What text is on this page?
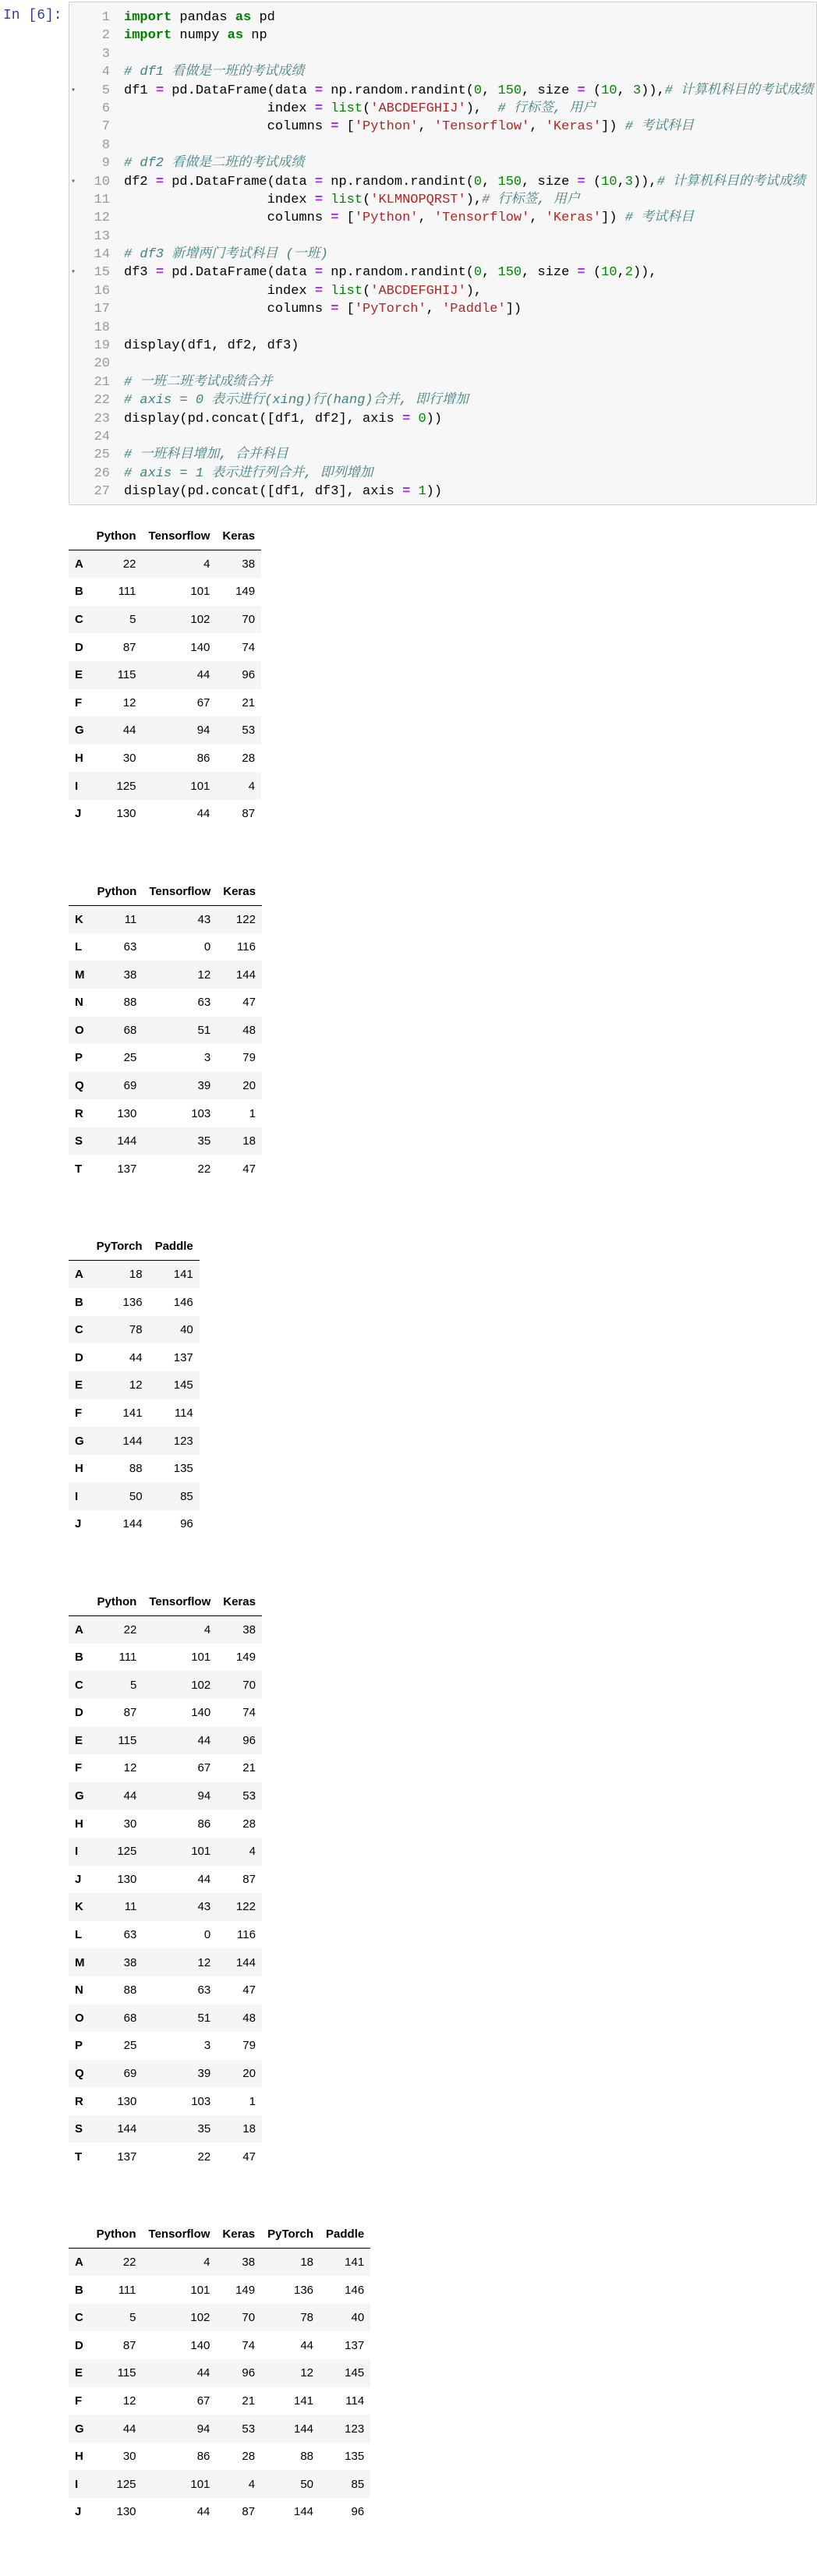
In [6]:	1
2
3
4
▾ 5
6
7
8
9
▾ 10
11
12
13
14
▾ 15
16
17
18
19
20
21
22
23
24
25
26
27
import pandas as pd
import numpy as np

# df1 看做是一班的考试成绩
df1 = pd.DataFrame(data = np.random.randint(0, 150, size = (10, 3)),# 计算机科目的考试成绩
index = list('ABCDEFGHIJ'),  # 行标签, 用户
columns = ['Python', 'Tensorflow', 'Keras']) # 考试科目

# df2 看做是二班的考试成绩
df2 = pd.DataFrame(data = np.random.randint(0, 150, size = (10,3)),# 计算机科目的考试成绩
index = list('KLMNOPQRST'),# 行标签, 用户
columns = ['Python', 'Tensorflow', 'Keras']) # 考试科目

# df3 新增两门考试科目 (一班)
df3 = pd.DataFrame(data = np.random.randint(0, 150, size = (10,2)),
index = list('ABCDEFGHIJ'),
columns = ['PyTorch', 'Paddle'])

display(df1, df2, df3)

# 一班二班考试成绩合并
# axis = 0 表示进行(xing)行(hang)合并, 即行增加
display(pd.concat([df1, df2], axis = 0))

# 一班科目增加, 合并科目
# axis = 1 表示进行列合并, 即列增加
display(pd.concat([df1, df3], axis = 1))
	Python	Tensorflow	Keras
A	22	4	38
B	111	101	149
C	5	102	70
D	87	140	74
E	115	44	96
F	12	67	21
G	44	94	53
H	30	86	28
I	125	101	4
J	130	44	87
	Python	Tensorflow	Keras
K	11	43	122
L	63	0	116
M	38	12	144
N	88	63	47
O	68	51	48
P	25	3	79
Q	69	39	20
R	130	103	1
S	144	35	18
T	137	22	47
	PyTorch	Paddle
A	18	141
B	136	146
C	78	40
D	44	137
E	12	145
F	141	114
G	144	123
H	88	135
I	50	85
J	144	96
	Python	Tensorflow	Keras
A	22	4	38
B	111	101	149
C	5	102	70
D	87	140	74
E	115	44	96
F	12	67	21
G	44	94	53
H	30	86	28
I	125	101	4
J	130	44	87
K	11	43	122
L	63	0	116
M	38	12	144
N	88	63	47
O	68	51	48
P	25	3	79
Q	69	39	20
R	130	103	1
S	144	35	18
T	137	22	47
	Python	Tensorflow	Keras	PyTorch	Paddle
A	22	4	38	18	141
B	111	101	149	136	146
C	5	102	70	78	40
D	87	140	74	44	137
E	115	44	96	12	145
F	12	67	21	141	114
G	44	94	53	144	123
H	30	86	28	88	135
I	125	101	4	50	85
J	130	44	87	144	96
